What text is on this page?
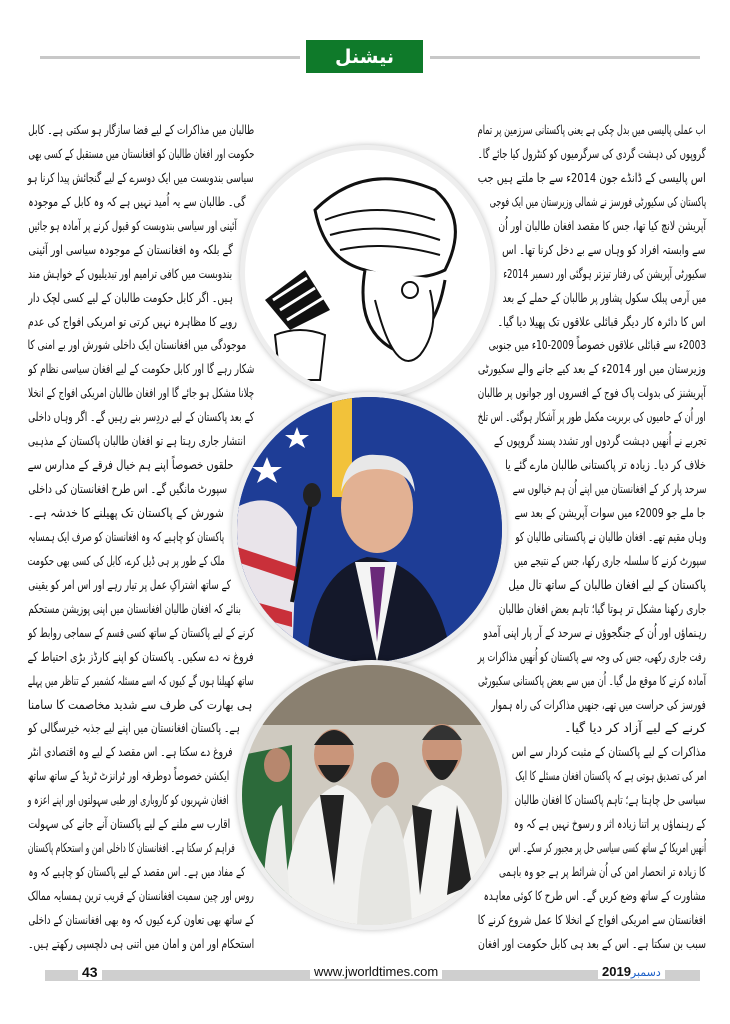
نیشنل
اب عملی پالیسی میں بدل چکی ہے یعنی پاکستانی سرزمین پر تمام
گروپوں کی دہشت گردی کی سرگرمیوں کو کنٹرول کیا جائے گا۔
اس پالیسی کے ڈانڈے جون 2014ء سے جا ملتے ہیں جب
پاکستان کی سکیورٹی فورسز نے شمالی وزیرستان میں ایک فوجی
آپریشن لانچ کیا تھا، جس کا مقصد افغان طالبان اور اُن
سے وابستہ افراد کو وہاں سے بے دخل کرنا تھا۔ اس
سکیورٹی آپریشن کی رفتار تیزتر ہوگئی اور دسمبر 2014ء
میں آرمی پبلک سکول پشاور پر طالبان کے حملے کے بعد
اس کا دائرہ کار دیگر قبائلی علاقوں تک پھیلا دیا گیا۔
2003ء سے قبائلی علاقوں خصوصاً 2009-10ء میں جنوبی
وزیرستان میں اور 2014ء کے بعد کیے جانے والے سکیورٹی
آپریشنز کی بدولت پاک فوج کے افسروں اور جوانوں پر طالبان
اور اُن کے حامیوں کی بربریت مکمل طور پر آشکار ہوگئی۔ اس تلخ
تجربے نے اُنھیں دہشت گردوں اور تشدد پسند گروپوں کے
خلاف کر دیا۔ زیادہ تر پاکستانی طالبان مارے گئے یا
سرحد پار کر کے افغانستان میں اپنے اُن ہم خیالوں سے
جا ملے جو 2009ء میں سوات آپریشن کے بعد سے
وہاں مقیم تھے۔ افغان طالبان نے پاکستانی طالبان کو
سپورٹ کرنے کا سلسلہ جاری رکھا، جس کے نتیجے میں
پاکستان کے لیے افغان طالبان کے ساتھ تال میل
جاری رکھنا مشکل تر ہوتا گیا؛ تاہم بعض افغان طالبان
رہنماؤں اور اُن کے جنگجوؤں نے سرحد کے آر پار اپنی آمدو
رفت جاری رکھی، جس کی وجہ سے پاکستان کو اُنھیں مذاکرات پر
آمادہ کرنے کا موقع مل گیا۔ اُن میں سے بعض پاکستانی سکیورٹی
فورسز کی حراست میں تھے، جنھیں مذاکرات کی راہ ہموار
کرنے کے لیے آزاد کر دیا گیا۔
مذاکرات کے لیے پاکستان کے مثبت کردار سے اس
امر کی تصدیق ہوتی ہے کہ پاکستان افغان مسئلے کا ایک
سیاسی حل چاہتا ہے؛ تاہم پاکستان کا افغان طالبان
کے رہنماؤں پر اتنا زیادہ اثر و رسوخ نہیں ہے کہ وہ
اُنھیں امریکا کے ساتھ کسی سیاسی حل پر مجبور کر سکے۔ اس
کا زیادہ تر انحصار امن کی اُن شرائط پر ہے جو وہ باہمی
مشاورت کے ساتھ وضع کریں گے۔ اس طرح کا کوئی معاہدہ
افغانستان سے امریکی افواج کے انخلا کا عمل شروع کرنے کا
سبب بن سکتا ہے۔ اس کے بعد ہی کابل حکومت اور افغان
طالبان میں مذاکرات کے لیے فضا سازگار ہو سکتی ہے۔ کابل
حکومت اور افغان طالبان کو افغانستان میں مستقبل کے کسی بھی
سیاسی بندوبست میں ایک دوسرے کے لیے گنجائش پیدا کرنا ہو
گی۔ طالبان سے یہ اُمید نہیں ہے کہ وہ کابل کے موجودہ
آئینی اور سیاسی بندوبست کو قبول کرنے پر آمادہ ہو جائیں
گے بلکہ وہ افغانستان کے موجودہ سیاسی اور آئینی
بندوبست میں کافی ترامیم اور تبدیلیوں کے خواہش مند
ہیں۔ اگر کابل حکومت طالبان کے لیے کسی لچک دار
رویے کا مظاہرہ نہیں کرتی تو امریکی افواج کی عدم
موجودگی میں افغانستان ایک داخلی شورش اور بے امنی کا
شکار رہے گا اور کابل حکومت کے لیے افغان سیاسی نظام کو
چلانا مشکل ہو جائے گا اور افغان طالبان امریکی افواج کے انخلا
کے بعد پاکستان کے لیے دردِسر بنے رہیں گے۔ اگر وہاں داخلی
انتشار جاری رہتا ہے تو افغان طالبان پاکستان کے مذہبی
حلقوں خصوصاً اپنے ہم خیال فرقے کے مدارس سے
سپورٹ مانگیں گے۔ اس طرح افغانستان کی داخلی
شورش کے پاکستان تک پھیلنے کا خدشہ ہے۔
پاکستان کو چاہیے کہ وہ افغانستان کو صرف ایک ہمسایہ
ملک کے طور پر ہی ڈیل کرے، کابل کی کسی بھی حکومت
کے ساتھ اشتراکِ عمل پر تیار رہے اور اس امر کو یقینی
بنائے کہ افغان طالبان افغانستان میں اپنی پوزیشن مستحکم
کرنے کے لیے پاکستان کے ساتھ کسی قسم کے سماجی روابط کو
فروغ نہ دے سکیں۔ پاکستان کو اپنے کارڈز بڑی احتیاط کے
ساتھ کھیلنا ہوں گے کیوں کہ اسے مسئلہ کشمیر کے تناظر میں پہلے
ہی بھارت کی طرف سے شدید مخاصمت کا سامنا
ہے۔ پاکستان افغانستان میں اپنے لیے جذبہ خیرسگالی کو
فروغ دے سکتا ہے۔ اس مقصد کے لیے وہ اقتصادی انٹر
ایکشن خصوصاً دوطرفہ اور ٹرانزٹ ٹریڈ کے ساتھ ساتھ
افغان شہریوں کو کاروباری اور طبی سہولتوں اور اپنے اعزہ و
اقارب سے ملنے کے لیے پاکستان آنے جانے کی سہولت
فراہم کر سکتا ہے۔ افغانستان کا داخلی امن و استحکام پاکستان
کے مفاد میں ہے۔ اس مقصد کے لیے پاکستان کو چاہیے کہ وہ
روس اور چین سمیت افغانستان کے قریب ترین ہمسایہ ممالک
کے ساتھ بھی تعاون کرے کیوں کہ وہ بھی افغانستان کے داخلی
استحکام اور امن و امان میں اتنی ہی دلچسپی رکھتے ہیں۔
43	www.jworldtimes.com	2019دسمبر
